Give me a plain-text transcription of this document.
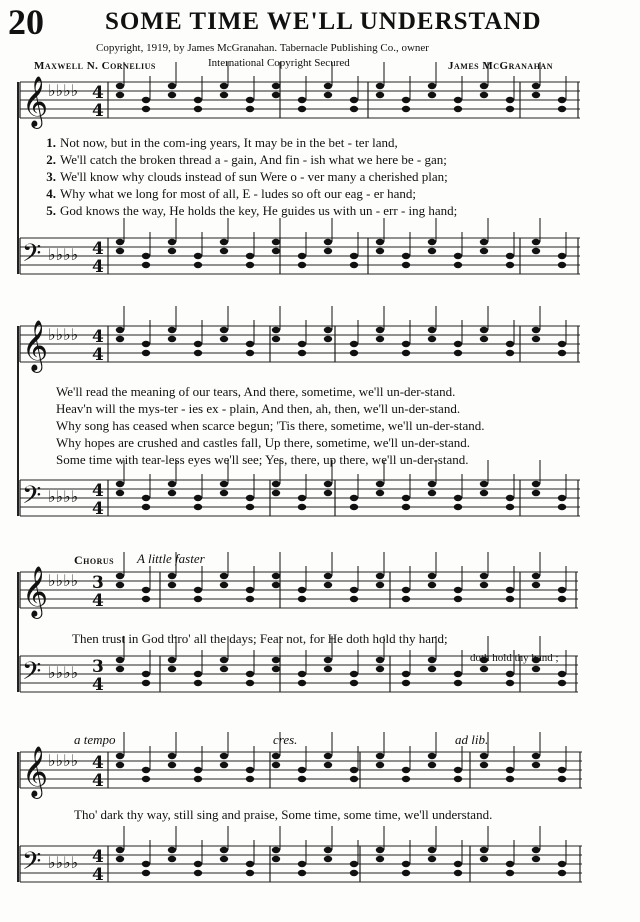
20 SOME TIME WE'LL UNDERSTAND
Copyright, 1919, by James McGranahan. Tabernacle Publishing Co., owner
International Copyright Secured
Maxwell N. Cornelius	James McGranahan
𝄞 ♭♭♭♭ 4
4
𝄢 ♭♭♭♭ 4
4
𝄞 ♭♭♭♭ 4
4
𝄢 ♭♭♭♭ 4
4
𝄞 ♭♭♭♭ 3
4
𝄢 ♭♭♭♭ 3
4
𝄞 ♭♭♭♭ 4
4
𝄢 ♭♭♭♭ 4
4
1. Not now, but in the com-ing years, It may be in the bet - ter land,
2. We'll catch the broken thread a - gain, And fin - ish what we here be - gan;
3. We'll know why clouds instead of sun Were o - ver many a cherished plan;
4. Why what we long for most of all, E - ludes so oft our eag - er hand;
5. God knows the way, He holds the key, He guides us with un - err - ing hand;
We'll read the meaning of our tears, And there, sometime, we'll un-der-stand.
Heav'n will the mys-ter - ies ex - plain, And then, ah, then, we'll un-der-stand.
Why song has ceased when scarce begun; 'Tis there, sometime, we'll un-der-stand.
Why hopes are crushed and castles fall, Up there, sometime, we'll un-der-stand.
Some time with tear-less eyes we'll see; Yes, there, up there, we'll un-der-stand.
Chorus A little faster
Then trust in God thro' all the days; Fear not, for He doth hold thy hand;
doth hold thy hand ;
a tempo	cres.	ad lib.
Tho' dark thy way, still sing and praise, Some time, some time, we'll understand.
